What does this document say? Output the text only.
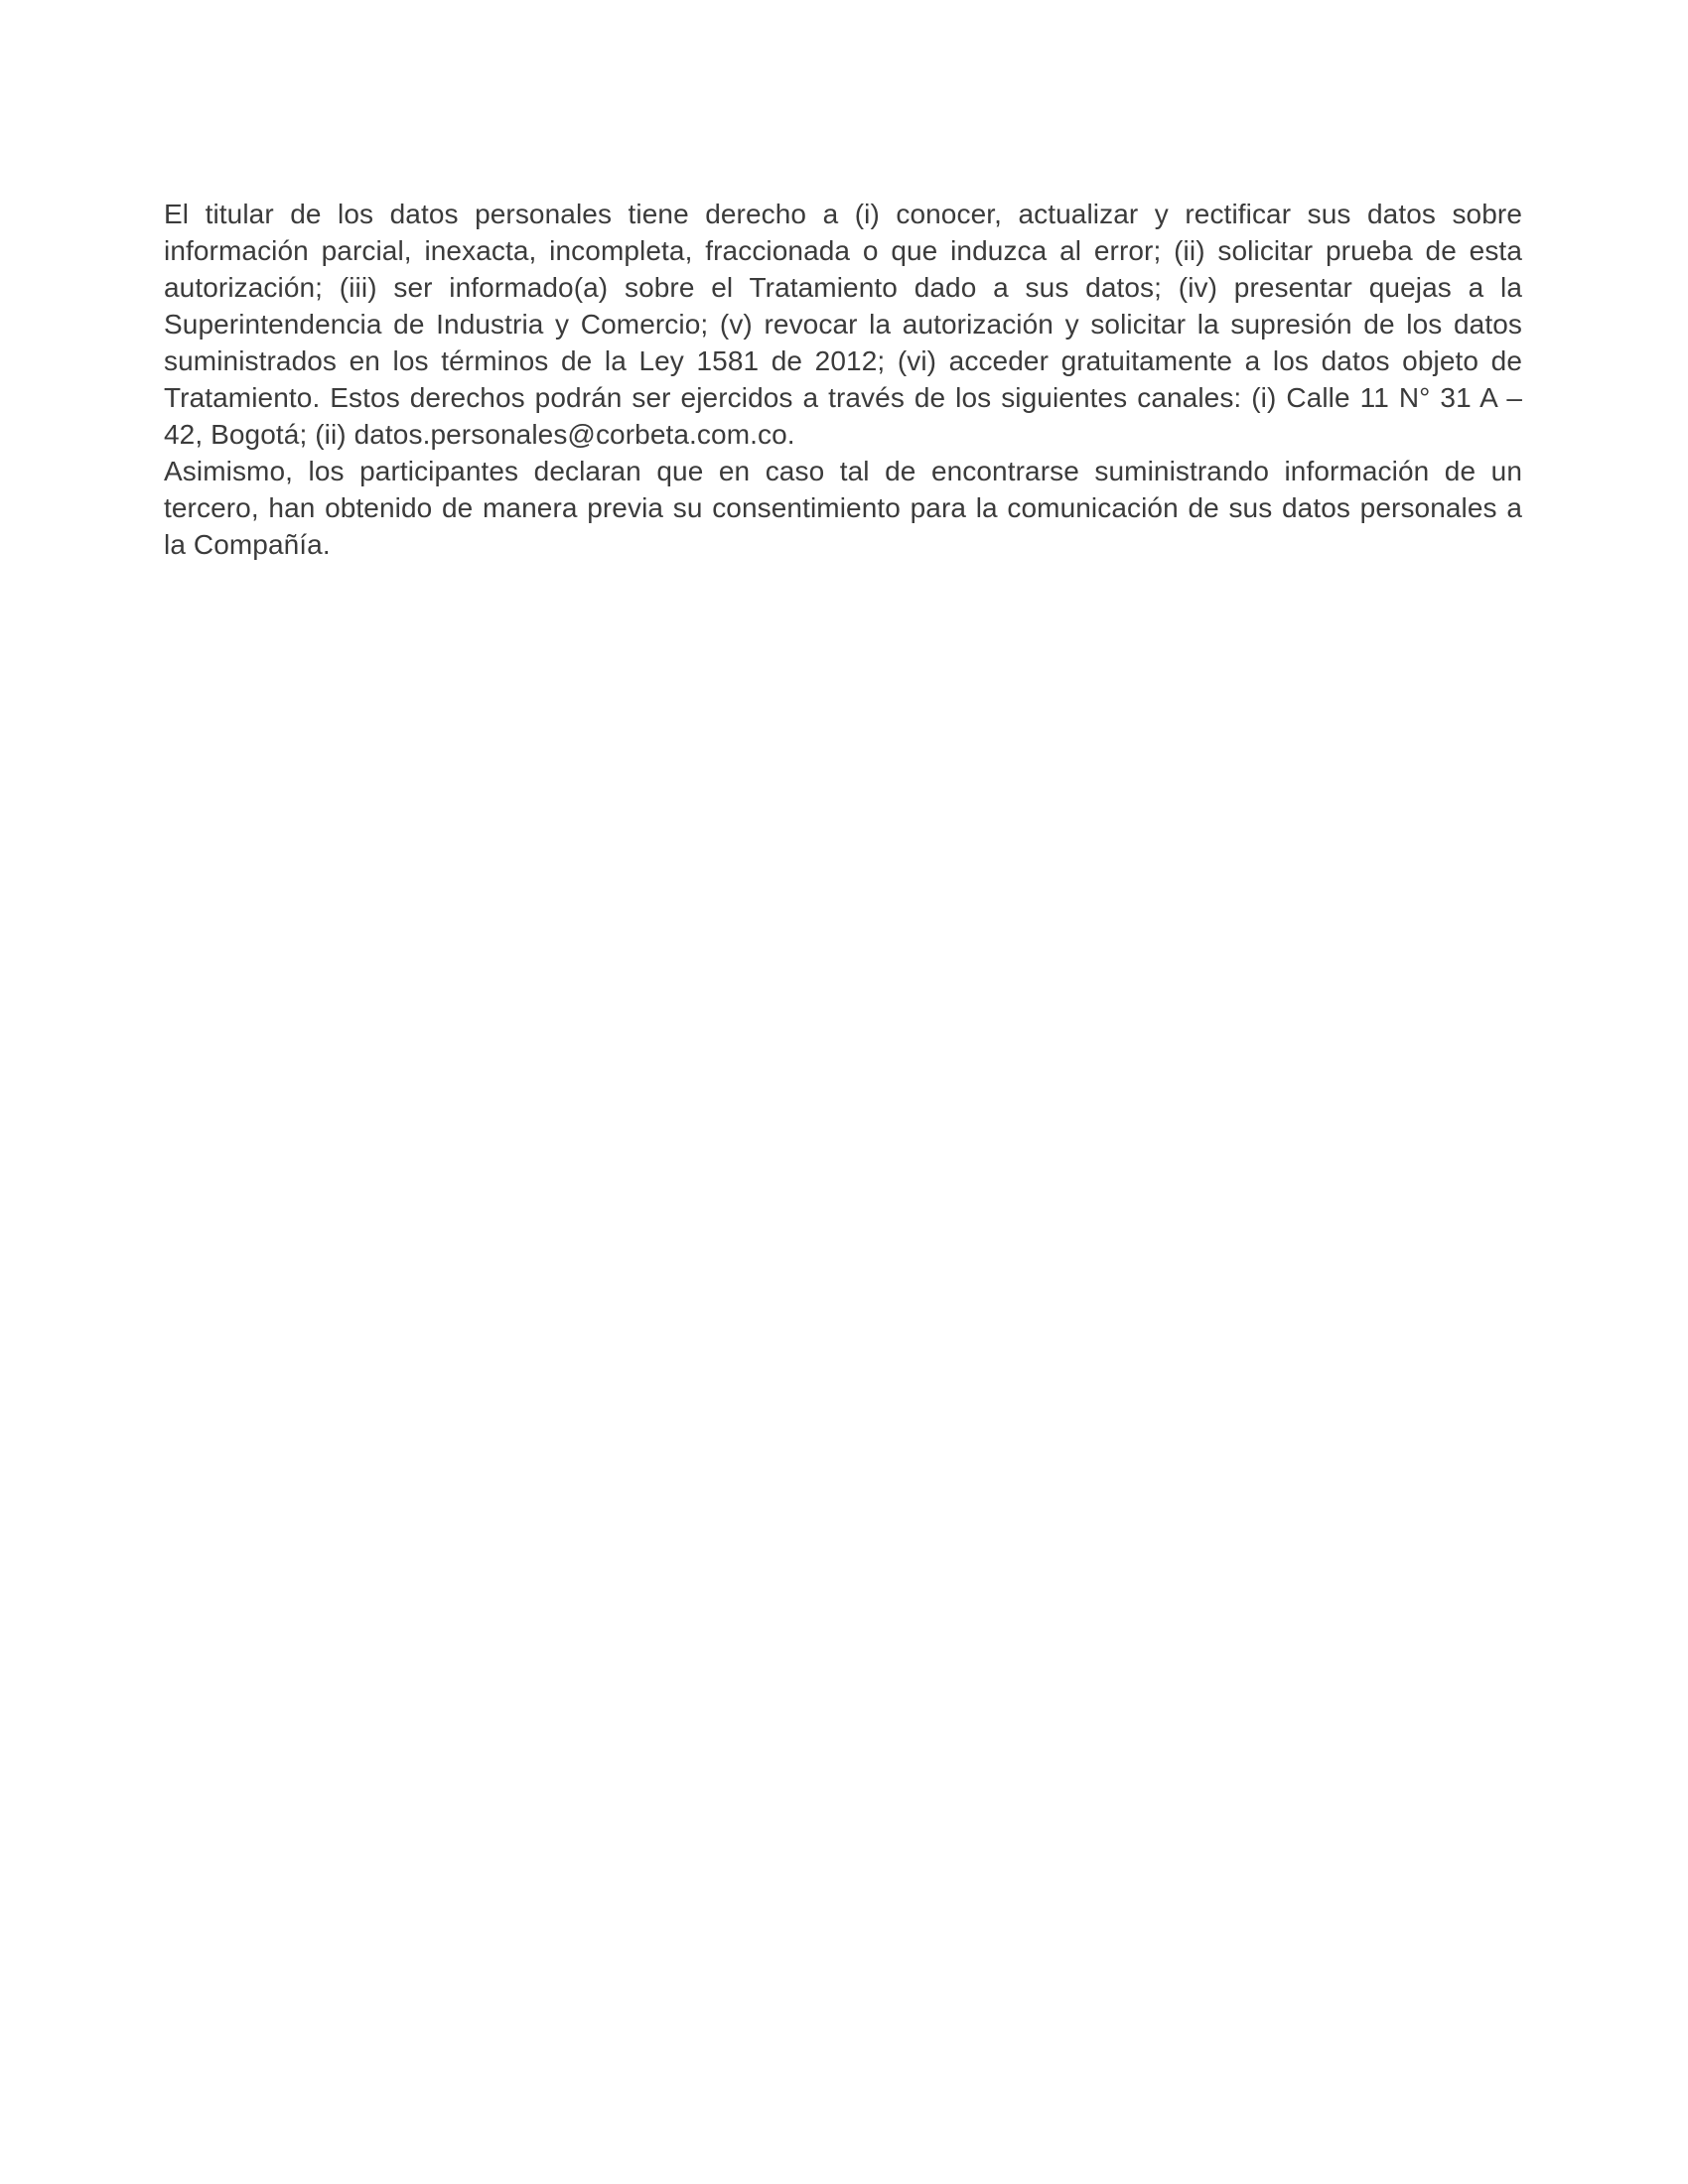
El titular de los datos personales tiene derecho a (i) conocer, actualizar y rectificar sus datos sobre información parcial, inexacta, incompleta, fraccionada o que induzca al error; (ii) solicitar prueba de esta autorización; (iii) ser informado(a) sobre el Tratamiento dado a sus datos; (iv) presentar quejas a la Superintendencia de Industria y Comercio; (v) revocar la autorización y solicitar la supresión de los datos suministrados en los términos de la Ley 1581 de 2012; (vi) acceder gratuitamente a los datos objeto de Tratamiento. Estos derechos podrán ser ejercidos a través de los siguientes canales: (i) Calle 11 N° 31 A – 42, Bogotá; (ii) datos.personales@corbeta.com.co.

Asimismo, los participantes declaran que en caso tal de encontrarse suministrando información de un tercero, han obtenido de manera previa su consentimiento para la comunicación de sus datos personales a la Compañía.
